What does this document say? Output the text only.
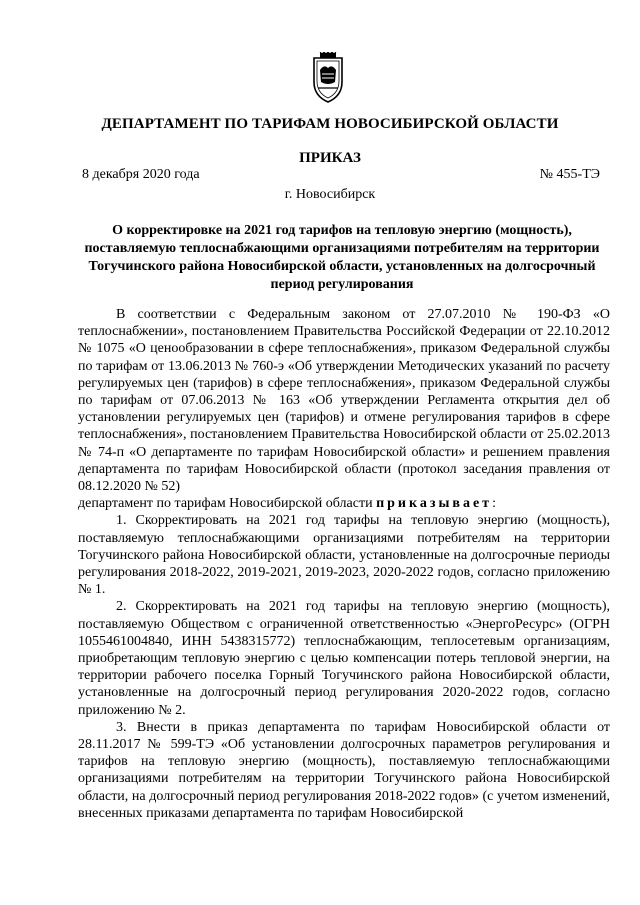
ДЕПАРТАМЕНТ ПО ТАРИФАМ НОВОСИБИРСКОЙ ОБЛАСТИ
ПРИКАЗ
8 декабря 2020 года	№ 455-ТЭ
г. Новосибирск
О корректировке на 2021 год тарифов на тепловую энергию (мощность), поставляемую теплоснабжающими организациями потребителям на территории Тогучинского района Новосибирской области, установленных на долгосрочный период регулирования

В соответствии с Федеральным законом от 27.07.2010 № 190-ФЗ «О теплоснабжении», постановлением Правительства Российской Федерации от 22.10.2012 № 1075 «О ценообразовании в сфере теплоснабжения», приказом Федеральной службы по тарифам от 13.06.2013 № 760-э «Об утверждении Методических указаний по расчету регулируемых цен (тарифов) в сфере теплоснабжения», приказом Федеральной службы по тарифам от 07.06.2013 № 163 «Об утверждении Регламента открытия дел об установлении регулируемых цен (тарифов) и отмене регулирования тарифов в сфере теплоснабжения», постановлением Правительства Новосибирской области от 25.02.2013 № 74-п «О департаменте по тарифам Новосибирской области» и решением правления департамента по тарифам Новосибирской области (протокол заседания правления от 08.12.2020 № 52)

департамент по тарифам Новосибирской области приказывает:

1. Скорректировать на 2021 год тарифы на тепловую энергию (мощность), поставляемую теплоснабжающими организациями потребителям на территории Тогучинского района Новосибирской области, установленные на долгосрочные периоды регулирования 2018-2022, 2019-2021, 2019-2023, 2020-2022 годов, согласно приложению № 1.

2. Скорректировать на 2021 год тарифы на тепловую энергию (мощность), поставляемую Обществом с ограниченной ответственностью «ЭнергоРесурс» (ОГРН 1055461004840, ИНН 5438315772) теплоснабжающим, теплосетевым организациям, приобретающим тепловую энергию с целью компенсации потерь тепловой энергии, на территории рабочего поселка Горный Тогучинского района Новосибирской области, установленные на долгосрочный период регулирования 2020-2022 годов, согласно приложению № 2.

3. Внести в приказ департамента по тарифам Новосибирской области от 28.11.2017 № 599-ТЭ «Об установлении долгосрочных параметров регулирования и тарифов на тепловую энергию (мощность), поставляемую теплоснабжающими организациями потребителям на территории Тогучинского района Новосибирской области, на долгосрочный период регулирования 2018-2022 годов» (с учетом изменений, внесенных приказами департамента по тарифам Новосибирской
